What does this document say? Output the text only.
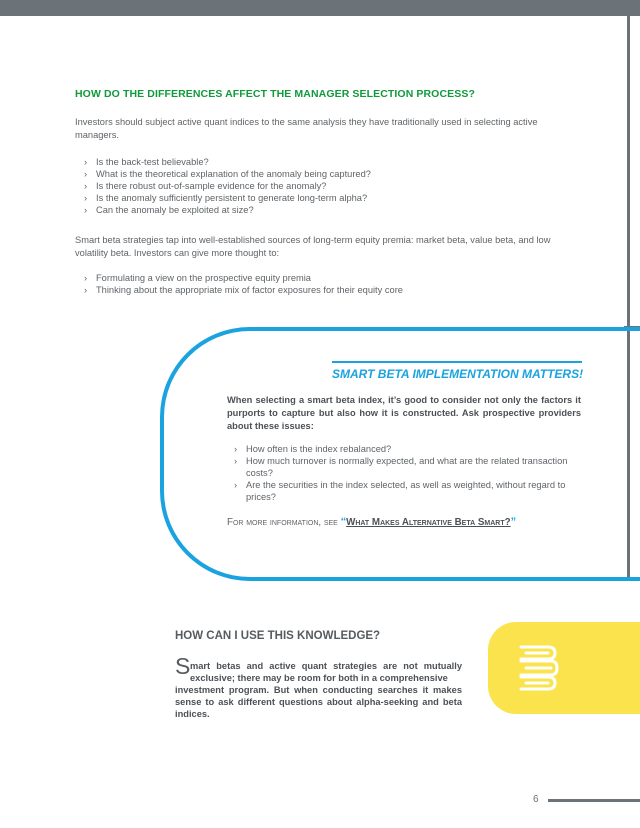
HOW DO THE DIFFERENCES AFFECT THE MANAGER SELECTION PROCESS?

Investors should subject active quant indices to the same analysis they have traditionally used in selecting active managers.

› Is the back-test believable?
› What is the theoretical explanation of the anomaly being captured?
› Is there robust out-of-sample evidence for the anomaly?
› Is the anomaly sufficiently persistent to generate long-term alpha?
› Can the anomaly be exploited at size?

Smart beta strategies tap into well-established sources of long-term equity premia: market beta, value beta, and low volatility beta. Investors can give more thought to:

› Formulating a view on the prospective equity premia
› Thinking about the appropriate mix of factor exposures for their equity core
SMART BETA IMPLEMENTATION MATTERS!

When selecting a smart beta index, it’s good to consider not only the factors it purports to capture but also how it is constructed. Ask prospective providers about these issues:

› How often is the index rebalanced?
› How much turnover is normally expected, and what are the related transaction costs?
› Are the securities in the index selected, as well as weighted, without regard to prices?
For more information, see “What Makes Alternative Beta Smart?”
HOW CAN I USE THIS KNOWLEDGE?
S mart betas and active quant strategies are not mutually exclusive; there may be room for both in a comprehensive

investment program. But when conducting searches it makes sense to ask different questions about alpha-seeking and beta indices.

6
